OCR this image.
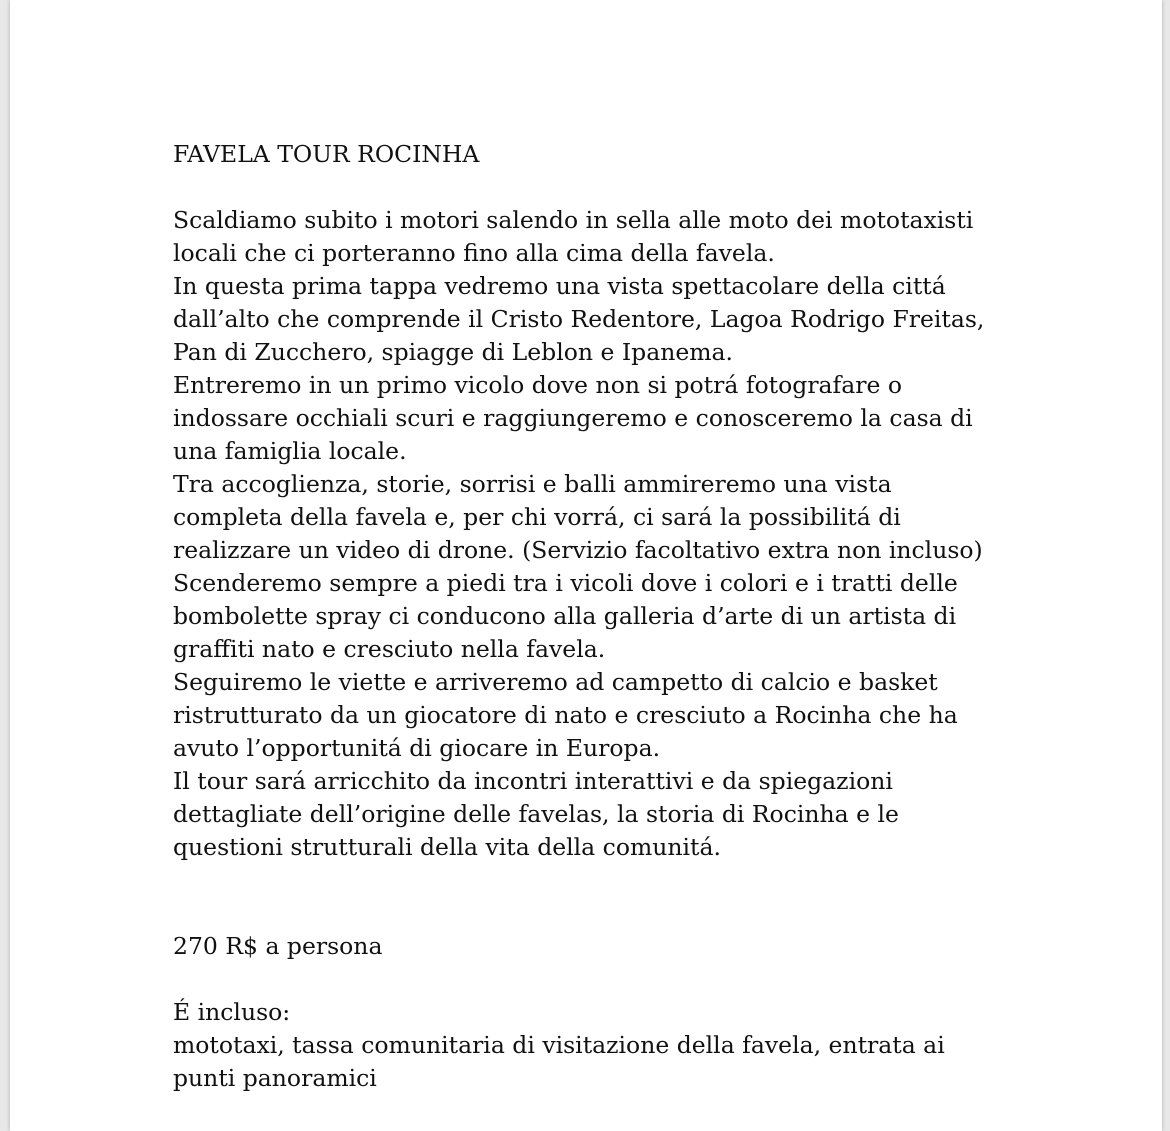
FAVELA TOUR ROCINHA
Scaldiamo subito i motori salendo in sella alle moto dei mototaxisti
locali che ci porteranno fino alla cima della favela.
In questa prima tappa vedremo una vista spettacolare della cittá
dall’alto che comprende il Cristo Redentore, Lagoa Rodrigo Freitas,
Pan di Zucchero, spiagge di Leblon e Ipanema.
Entreremo in un primo vicolo dove non si potrá fotografare o
indossare occhiali scuri e raggiungeremo e conosceremo la casa di
una famiglia locale.
Tra accoglienza, storie, sorrisi e balli ammireremo una vista
completa della favela e, per chi vorrá, ci sará la possibilitá di
realizzare un video di drone. (Servizio facoltativo extra non incluso)
Scenderemo sempre a piedi tra i vicoli dove i colori e i tratti delle
bombolette spray ci conducono alla galleria d’arte di un artista di
graffiti nato e cresciuto nella favela.
Seguiremo le viette e arriveremo ad campetto di calcio e basket
ristrutturato da un giocatore di nato e cresciuto a Rocinha che ha
avuto l’opportunitá di giocare in Europa.
Il tour sará arricchito da incontri interattivi e da spiegazioni
dettagliate dell’origine delle favelas, la storia di Rocinha e le
questioni strutturali della vita della comunitá.
270 R$ a persona
É incluso:
mototaxi, tassa comunitaria di visitazione della favela, entrata ai
punti panoramici
